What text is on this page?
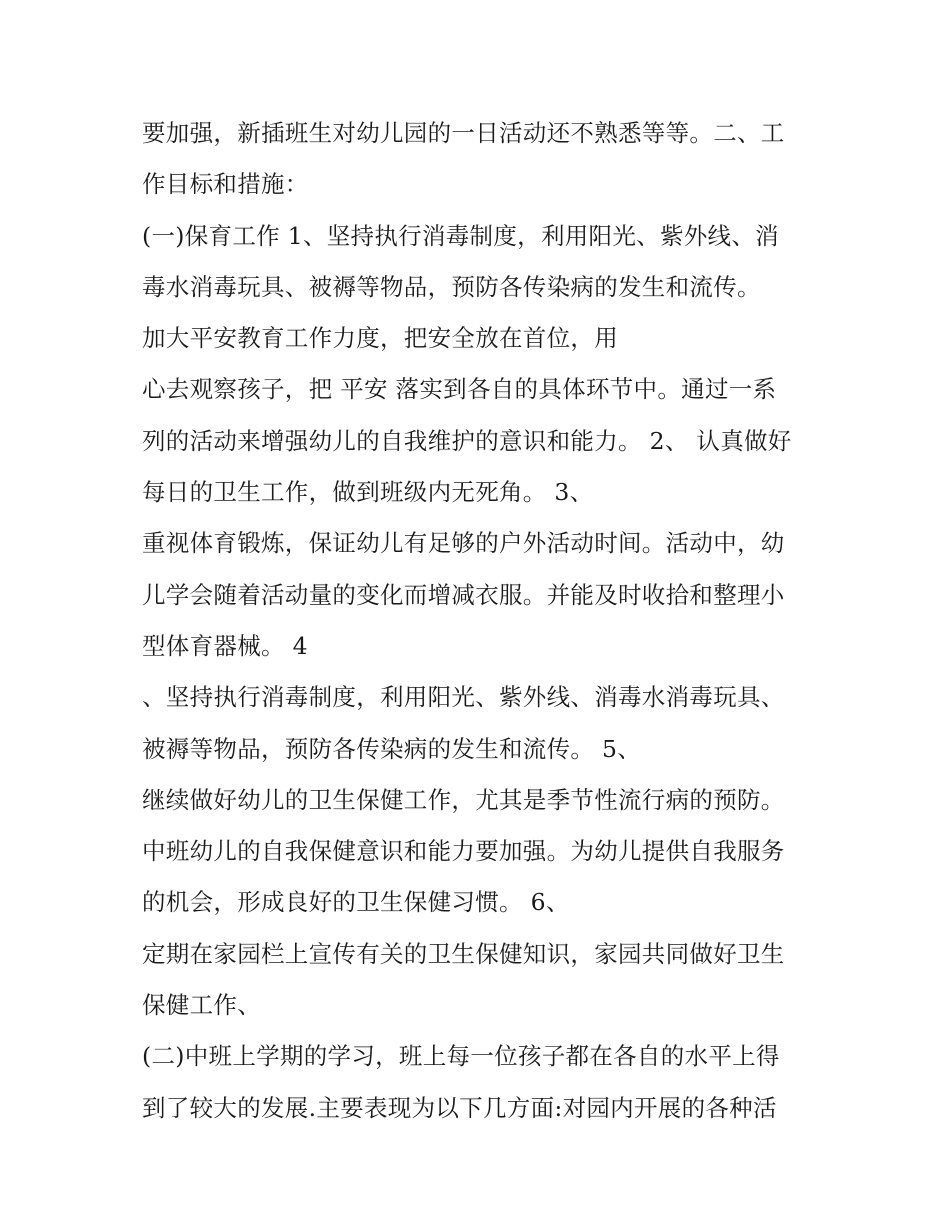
要加强，新插班生对幼儿园的一日活动还不熟悉等等。二、工
作目标和措施：
(一)保育工作 1、坚持执行消毒制度，利用阳光、紫外线、消
毒水消毒玩具、被褥等物品，预防各传染病的发生和流传。
加大平安教育工作力度，把安全放在首位，用
心去观察孩子，把 平安 落实到各自的具体环节中。通过一系
列的活动来增强幼儿的自我维护的意识和能力。 2、 认真做好
每日的卫生工作，做到班级内无死角。 3、
重视体育锻炼，保证幼儿有足够的户外活动时间。活动中，幼
儿学会随着活动量的变化而增减衣服。并能及时收拾和整理小
型体育器械。 4
、坚持执行消毒制度，利用阳光、紫外线、消毒水消毒玩具、
被褥等物品，预防各传染病的发生和流传。 5、
继续做好幼儿的卫生保健工作，尤其是季节性流行病的预防。
中班幼儿的自我保健意识和能力要加强。为幼儿提供自我服务
的机会，形成良好的卫生保健习惯。 6、
定期在家园栏上宣传有关的卫生保健知识，家园共同做好卫生
保健工作、
(二)中班上学期的学习，班上每一位孩子都在各自的水平上得
到了较大的发展.主要表现为以下几方面:对园内开展的各种活
